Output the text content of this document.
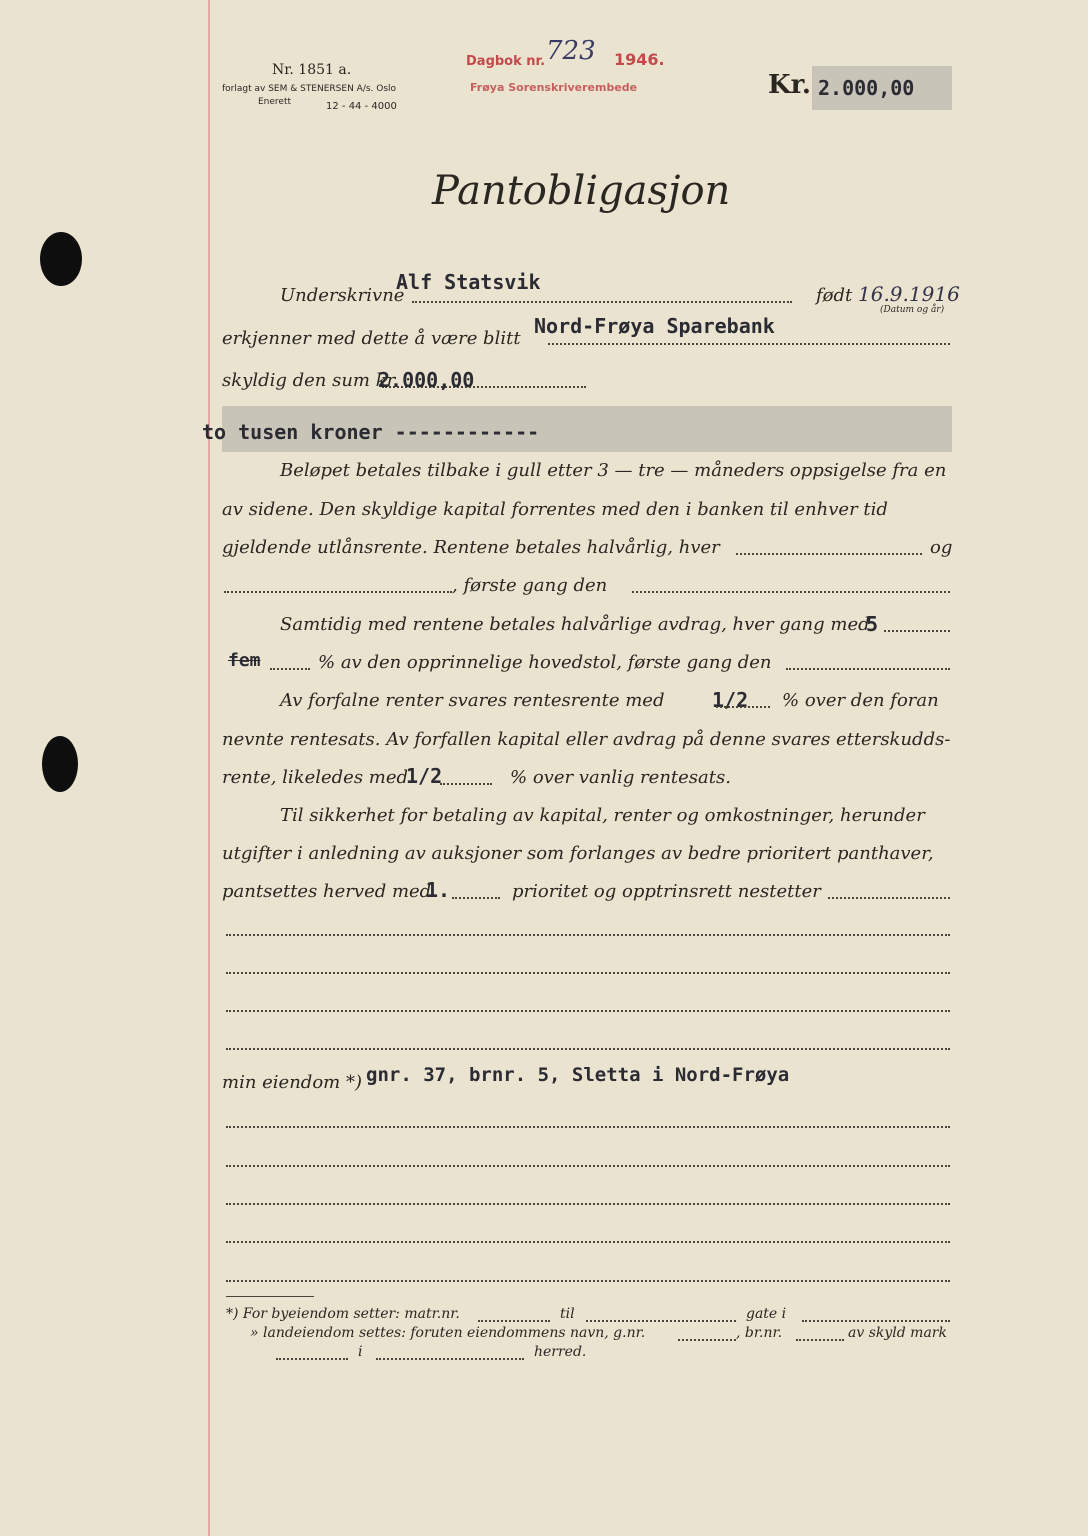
Nr. 1851 a.
forlagt av SEM & STENERSEN A/s. Oslo
Enerett	12 - 44 - 4000
Dagbok nr. 723 1946.
Frøya Sorenskriverembede	Kr. 2.000,00
Pantobligasjon
Underskrivne
Alf Statsvik
født 16.9.1916
(Datum og år)
erkjenner med dette å være blitt
Nord-Frøya Sparebank
skyldig den sum kr.
2.000,00
to tusen kroner ------------
Beløpet betales tilbake i gull etter 3 — tre — måneders oppsigelse fra en
av sidene. Den skyldige kapital forrentes med den i banken til enhver tid
gjeldende utlånsrente. Rentene betales halvårlig, hver	og
, første gang den
Samtidig med rentene betales halvårlige avdrag, hver gang med
5
fem	% av den opprinnelige hovedstol, første gang den
Av forfalne renter svares rentesrente med 1/2 % over den foran
nevnte rentesats. Av forfallen kapital eller avdrag på denne svares etterskudds-
rente, likeledes med
1/2	% over vanlig rentesats.
Til sikkerhet for betaling av kapital, renter og omkostninger, herunder
utgifter i anledning av auksjoner som forlanges av bedre prioritert panthaver,
pantsettes herved med
1.	prioritet og opptrinsrett nestetter
min eiendom *) gnr. 37, brnr. 5, Sletta i Nord-Frøya
*) For byeiendom setter: matr.nr.	til	gate i
» landeiendom settes: foruten eiendommens navn, g.nr.	, br.nr.	av skyld mark
i	herred.
